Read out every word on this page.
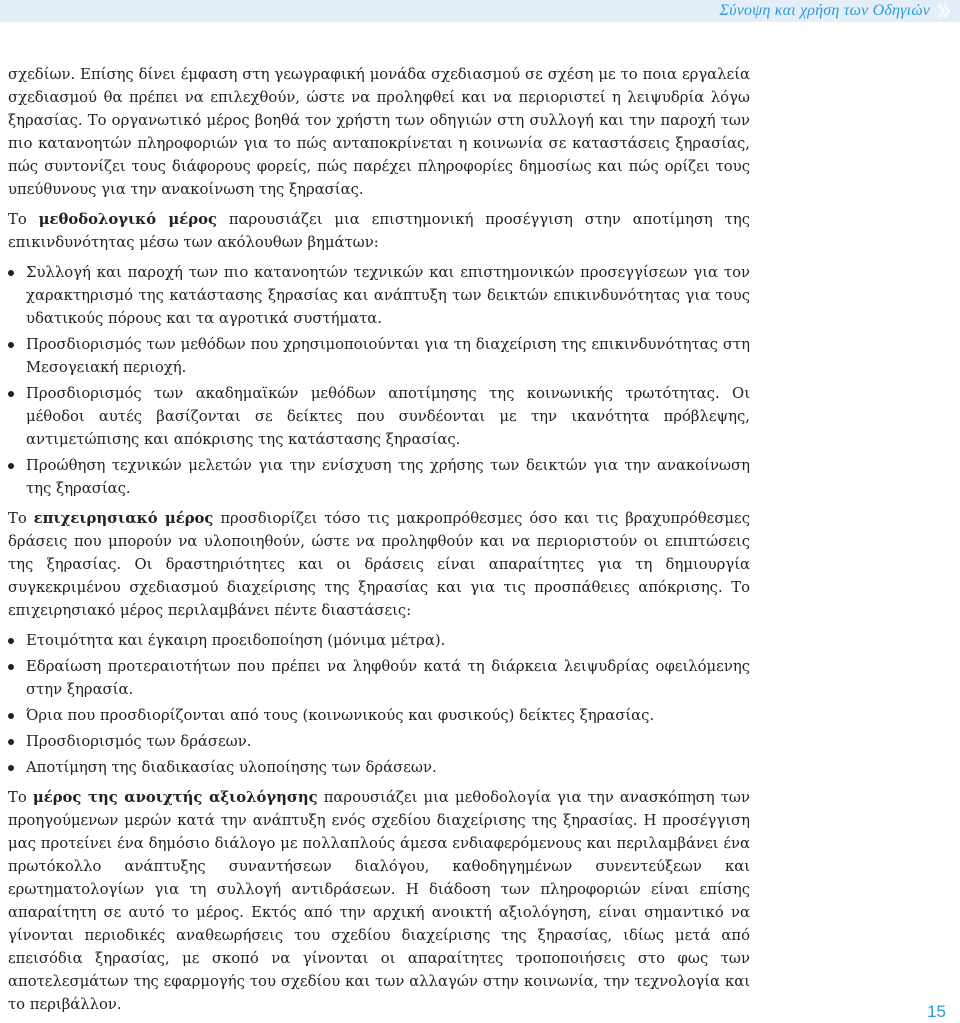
Σύνοψη και χρήση των Οδηγιών

σχεδίων. Επίσης δίνει έμφαση στη γεωγραφική μονάδα σχεδιασμού σε σχέση με το ποια εργαλεία σχεδιασμού θα πρέπει να επιλεχθούν, ώστε να προληφθεί και να περιοριστεί η λειψυδρία λόγω ξηρασίας. Το οργανωτικό μέρος βοηθά τον χρήστη των οδηγιών στη συλλογή και την παροχή των πιο κατανοητών πληροφοριών για το πώς ανταποκρίνεται η κοινωνία σε καταστάσεις ξηρασίας, πώς συντονίζει τους διάφορους φορείς, πώς παρέχει πληροφορίες δημοσίως και πώς ορίζει τους υπεύθυνους για την ανακοίνωση της ξηρασίας.

Το μεθοδολογικό μέρος παρουσιάζει μια επιστημονική προσέγγιση στην αποτίμηση της επικινδυνότητας μέσω των ακόλουθων βημάτων:

Συλλογή και παροχή των πιο κατανοητών τεχνικών και επιστημονικών προσεγγίσεων για τον χαρακτηρισμό της κατάστασης ξηρασίας και ανάπτυξη των δεικτών επικινδυνότητας για τους υδατικούς πόρους και τα αγροτικά συστήματα.
Προσδιορισμός των μεθόδων που χρησιμοποιούνται για τη διαχείριση της επικινδυνότητας στη Μεσογειακή περιοχή.
Προσδιορισμός των ακαδημαϊκών μεθόδων αποτίμησης της κοινωνικής τρωτότητας. Οι μέθοδοι αυτές βασίζονται σε δείκτες που συνδέονται με την ικανότητα πρόβλεψης, αντιμετώπισης και απόκρισης της κατάστασης ξηρασίας.
Προώθηση τεχνικών μελετών για την ενίσχυση της χρήσης των δεικτών για την ανακοίνωση της ξηρασίας.

Το επιχειρησιακό μέρος προσδιορίζει τόσο τις μακροπρόθεσμες όσο και τις βραχυπρόθεσμες δράσεις που μπορούν να υλοποιηθούν, ώστε να προληφθούν και να περιοριστούν οι επιπτώσεις της ξηρασίας. Οι δραστηριότητες και οι δράσεις είναι απαραίτητες για τη δημιουργία συγκεκριμένου σχεδιασμού διαχείρισης της ξηρασίας και για τις προσπάθειες απόκρισης. Το επιχειρησιακό μέρος περιλαμβάνει πέντε διαστάσεις:

Ετοιμότητα και έγκαιρη προειδοποίηση (μόνιμα μέτρα).
Εδραίωση προτεραιοτήτων που πρέπει να ληφθούν κατά τη διάρκεια λειψυδρίας οφειλόμενης στην ξηρασία.
Όρια που προσδιορίζονται από τους (κοινωνικούς και φυσικούς) δείκτες ξηρασίας.
Προσδιορισμός των δράσεων.
Αποτίμηση της διαδικασίας υλοποίησης των δράσεων.

Το μέρος της ανοιχτής αξιολόγησης παρουσιάζει μια μεθοδολογία για την ανασκόπηση των προηγούμενων μερών κατά την ανάπτυξη ενός σχεδίου διαχείρισης της ξηρασίας. Η προσέγγιση μας προτείνει ένα δημόσιο διάλογο με πολλαπλούς άμεσα ενδιαφερόμενους και περιλαμβάνει ένα πρωτόκολλο ανάπτυξης συναντήσεων διαλόγου, καθοδηγημένων συνεντεύξεων και ερωτηματολογίων για τη συλλογή αντιδράσεων. Η διάδοση των πληροφοριών είναι επίσης απαραίτητη σε αυτό το μέρος. Εκτός από την αρχική ανοικτή αξιολόγηση, είναι σημαντικό να γίνονται περιοδικές αναθεωρήσεις του σχεδίου διαχείρισης της ξηρασίας, ιδίως μετά από επεισόδια ξηρασίας, με σκοπό να γίνονται οι απαραίτητες τροποποιήσεις στο φως των αποτελεσμάτων της εφαρμογής του σχεδίου και των αλλαγών στην κοινωνία, την τεχνολογία και το περιβάλλον.	15
